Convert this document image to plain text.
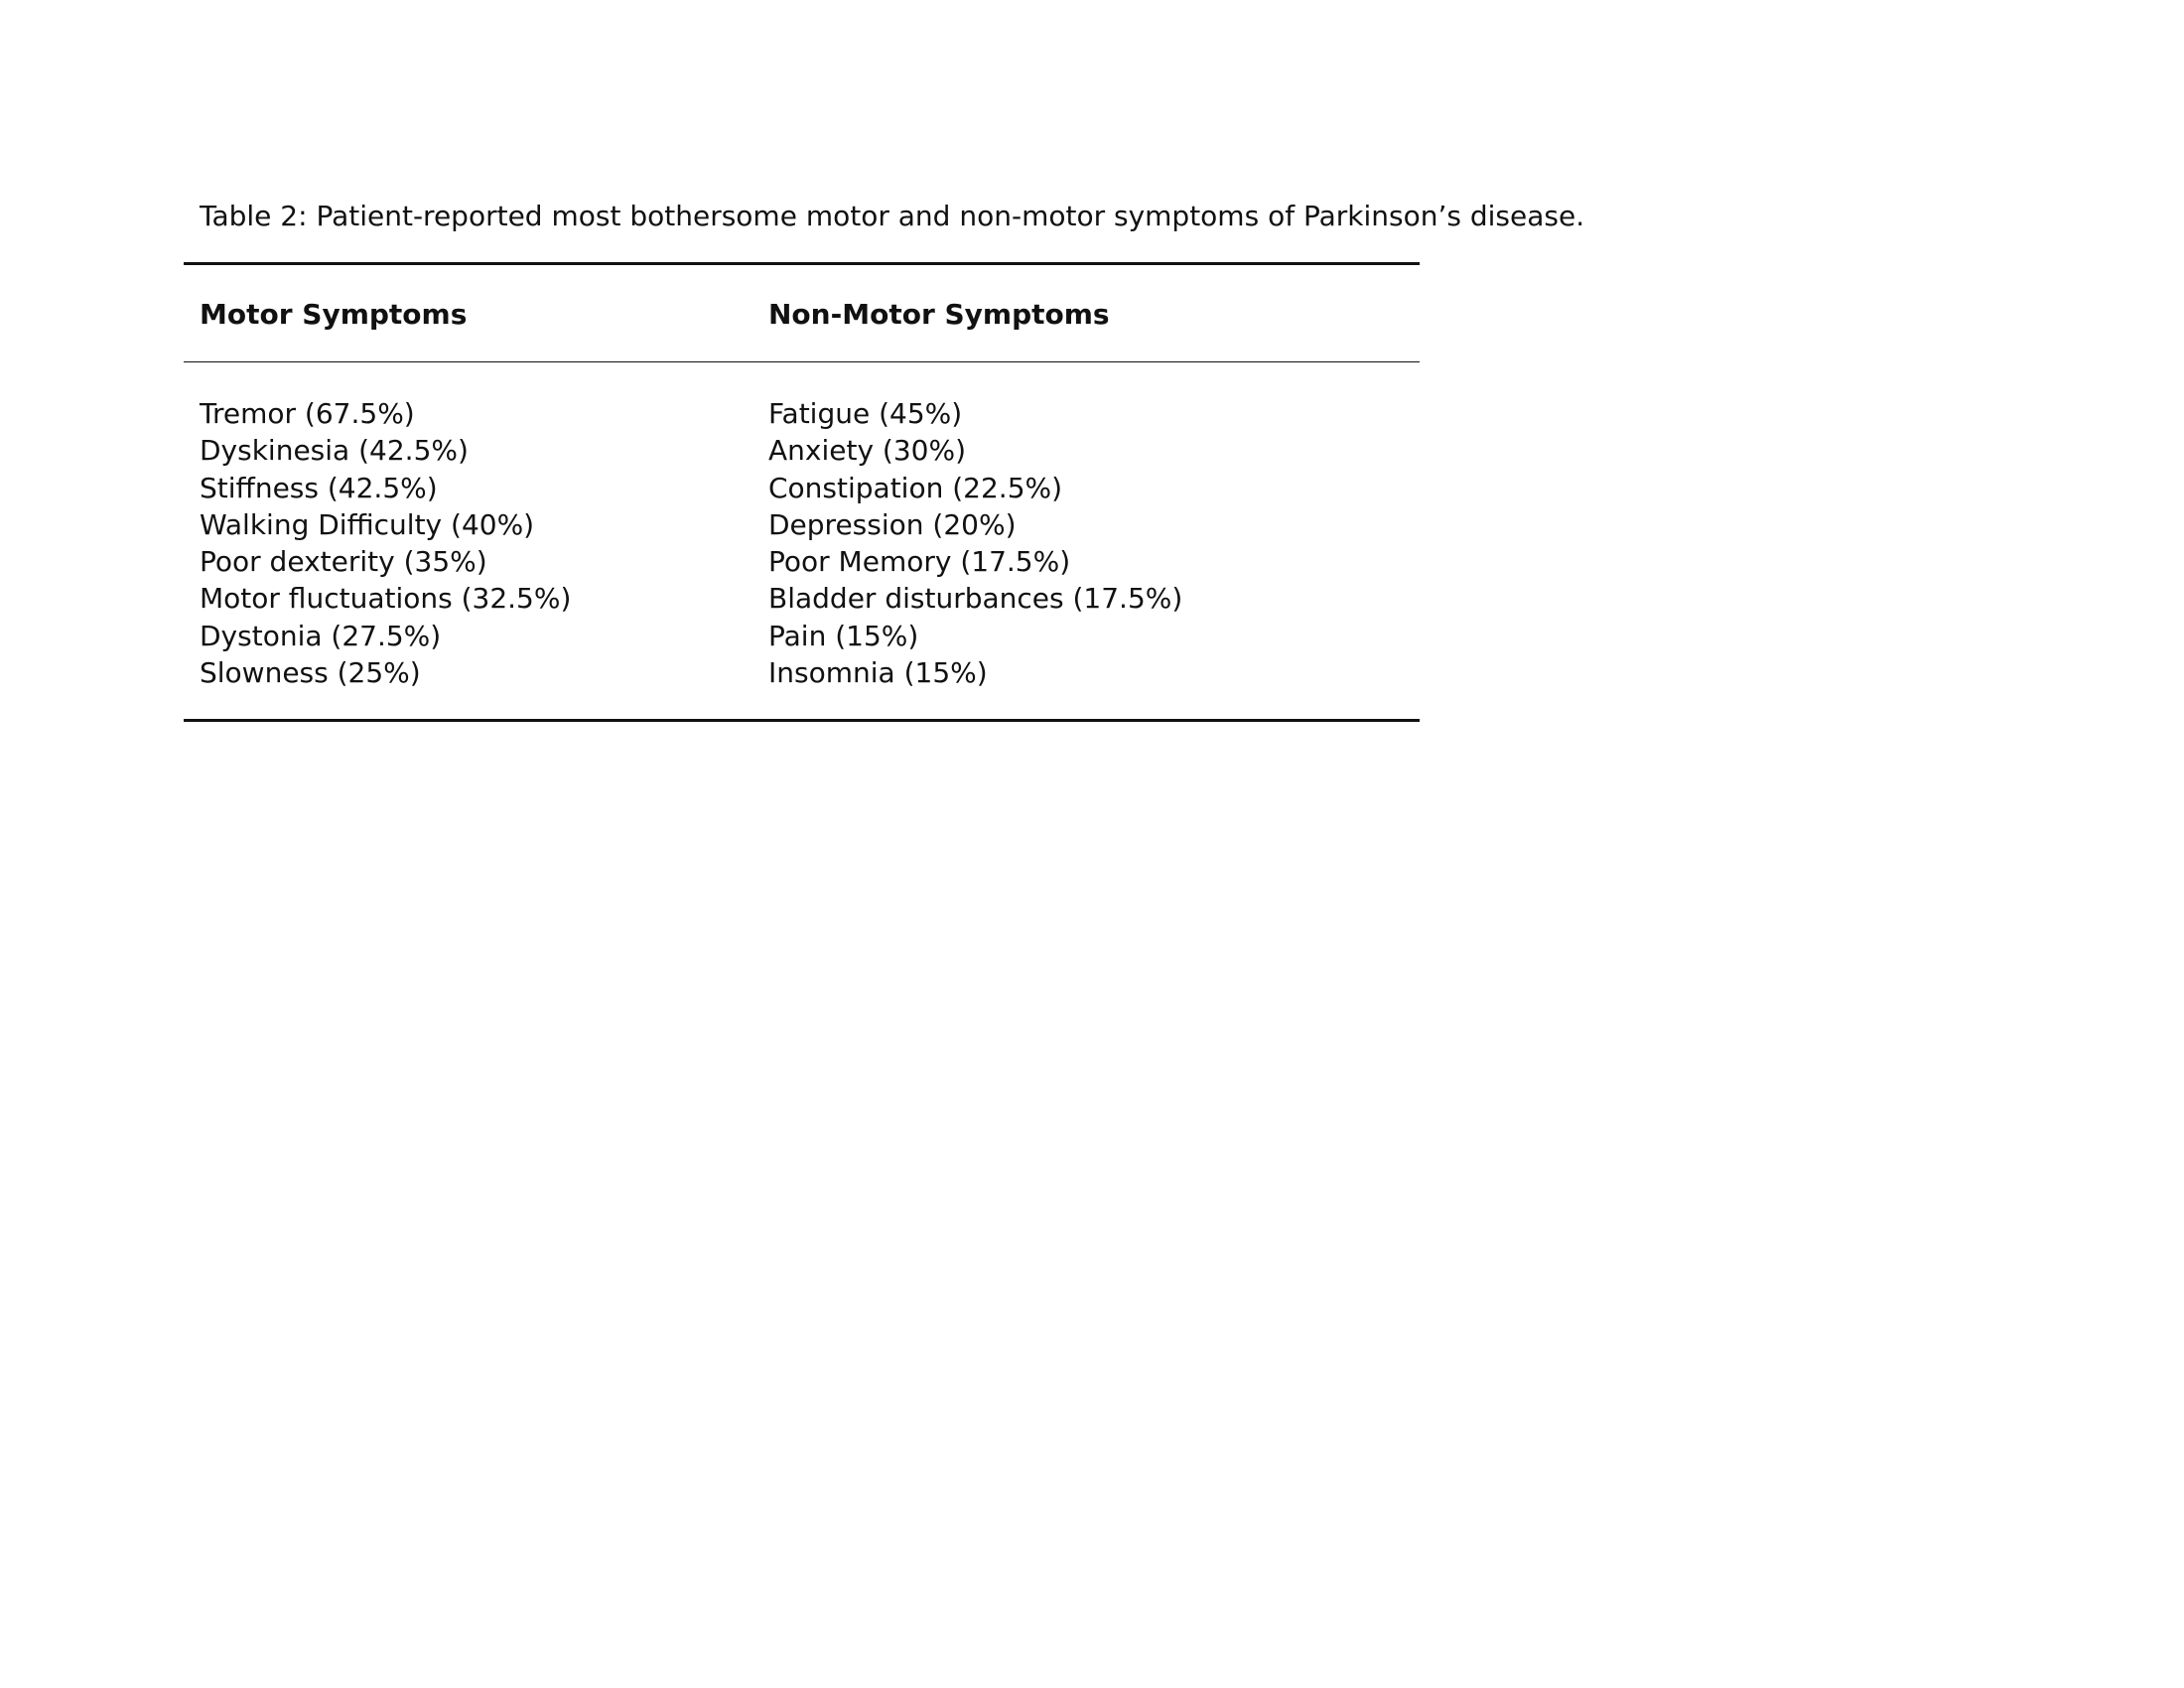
Table 2: Patient-reported most bothersome motor and non-motor symptoms of Parkinson’s disease.
Motor Symptoms	Non-Motor Symptoms
Tremor (67.5%)
Dyskinesia (42.5%)
Stiffness (42.5%)
Walking Difficulty (40%)
Poor dexterity (35%)
Motor fluctuations (32.5%)
Dystonia (27.5%)
Slowness (25%)
Fatigue (45%)
Anxiety (30%)
Constipation (22.5%)
Depression (20%)
Poor Memory (17.5%)
Bladder disturbances (17.5%)
Pain (15%)
Insomnia (15%)
